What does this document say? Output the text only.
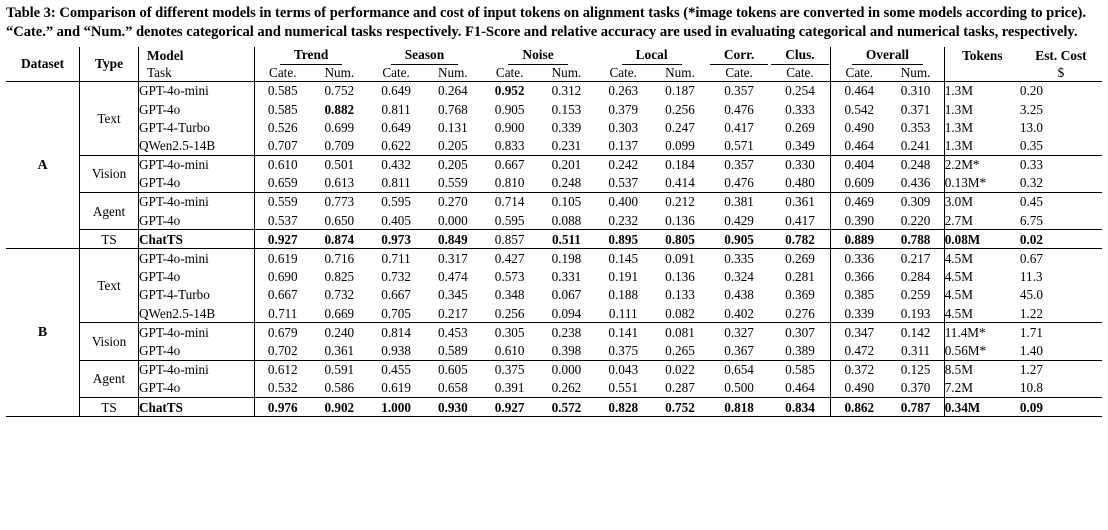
Table 3: Comparison of different models in terms of performance and cost of input tokens on alignment tasks (*image tokens are converted in some models according to price). “Cate.” and “Num.” denotes categorical and numerical tasks respectively. F1-Score and relative accuracy are used in evaluating categorical and numerical tasks, respectively.
Dataset	Type	Model	Trend		Season		Noise		Local		Corr.	Clus.	Overall		Tokens	Est. Cost
		Task	Cate.	Num.	Cate.	Num.	Cate.	Num.	Cate.	Num.	Cate.	Cate.	Cate.	Num.		$
A	Text	GPT-4o-mini	0.585	0.752	0.649	0.264	0.952	0.312	0.263	0.187	0.357	0.254	0.464	0.310	1.3M	0.20
		GPT-4o	0.585	0.882	0.811	0.768	0.905	0.153	0.379	0.256	0.476	0.333	0.542	0.371	1.3M	3.25
		GPT-4-Turbo	0.526	0.699	0.649	0.131	0.900	0.339	0.303	0.247	0.417	0.269	0.490	0.353	1.3M	13.0
		QWen2.5-14B	0.707	0.709	0.622	0.205	0.833	0.231	0.137	0.099	0.571	0.349	0.464	0.241	1.3M	0.35
	Vision	GPT-4o-mini	0.610	0.501	0.432	0.205	0.667	0.201	0.242	0.184	0.357	0.330	0.404	0.248	2.2M*	0.33
		GPT-4o	0.659	0.613	0.811	0.559	0.810	0.248	0.537	0.414	0.476	0.480	0.609	0.436	0.13M*	0.32
	Agent	GPT-4o-mini	0.559	0.773	0.595	0.270	0.714	0.105	0.400	0.212	0.381	0.361	0.469	0.309	3.0M	0.45
		GPT-4o	0.537	0.650	0.405	0.000	0.595	0.088	0.232	0.136	0.429	0.417	0.390	0.220	2.7M	6.75
	TS	ChatTS	0.927	0.874	0.973	0.849	0.857	0.511	0.895	0.805	0.905	0.782	0.889	0.788	0.08M	0.02
B	Text	GPT-4o-mini	0.619	0.716	0.711	0.317	0.427	0.198	0.145	0.091	0.335	0.269	0.336	0.217	4.5M	0.67
		GPT-4o	0.690	0.825	0.732	0.474	0.573	0.331	0.191	0.136	0.324	0.281	0.366	0.284	4.5M	11.3
		GPT-4-Turbo	0.667	0.732	0.667	0.345	0.348	0.067	0.188	0.133	0.438	0.369	0.385	0.259	4.5M	45.0
		QWen2.5-14B	0.711	0.669	0.705	0.217	0.256	0.094	0.111	0.082	0.402	0.276	0.339	0.193	4.5M	1.22
	Vision	GPT-4o-mini	0.679	0.240	0.814	0.453	0.305	0.238	0.141	0.081	0.327	0.307	0.347	0.142	11.4M*	1.71
		GPT-4o	0.702	0.361	0.938	0.589	0.610	0.398	0.375	0.265	0.367	0.389	0.472	0.311	0.56M*	1.40
	Agent	GPT-4o-mini	0.612	0.591	0.455	0.605	0.375	0.000	0.043	0.022	0.654	0.585	0.372	0.125	8.5M	1.27
		GPT-4o	0.532	0.586	0.619	0.658	0.391	0.262	0.551	0.287	0.500	0.464	0.490	0.370	7.2M	10.8
	TS	ChatTS	0.976	0.902	1.000	0.930	0.927	0.572	0.828	0.752	0.818	0.834	0.862	0.787	0.34M	0.09
